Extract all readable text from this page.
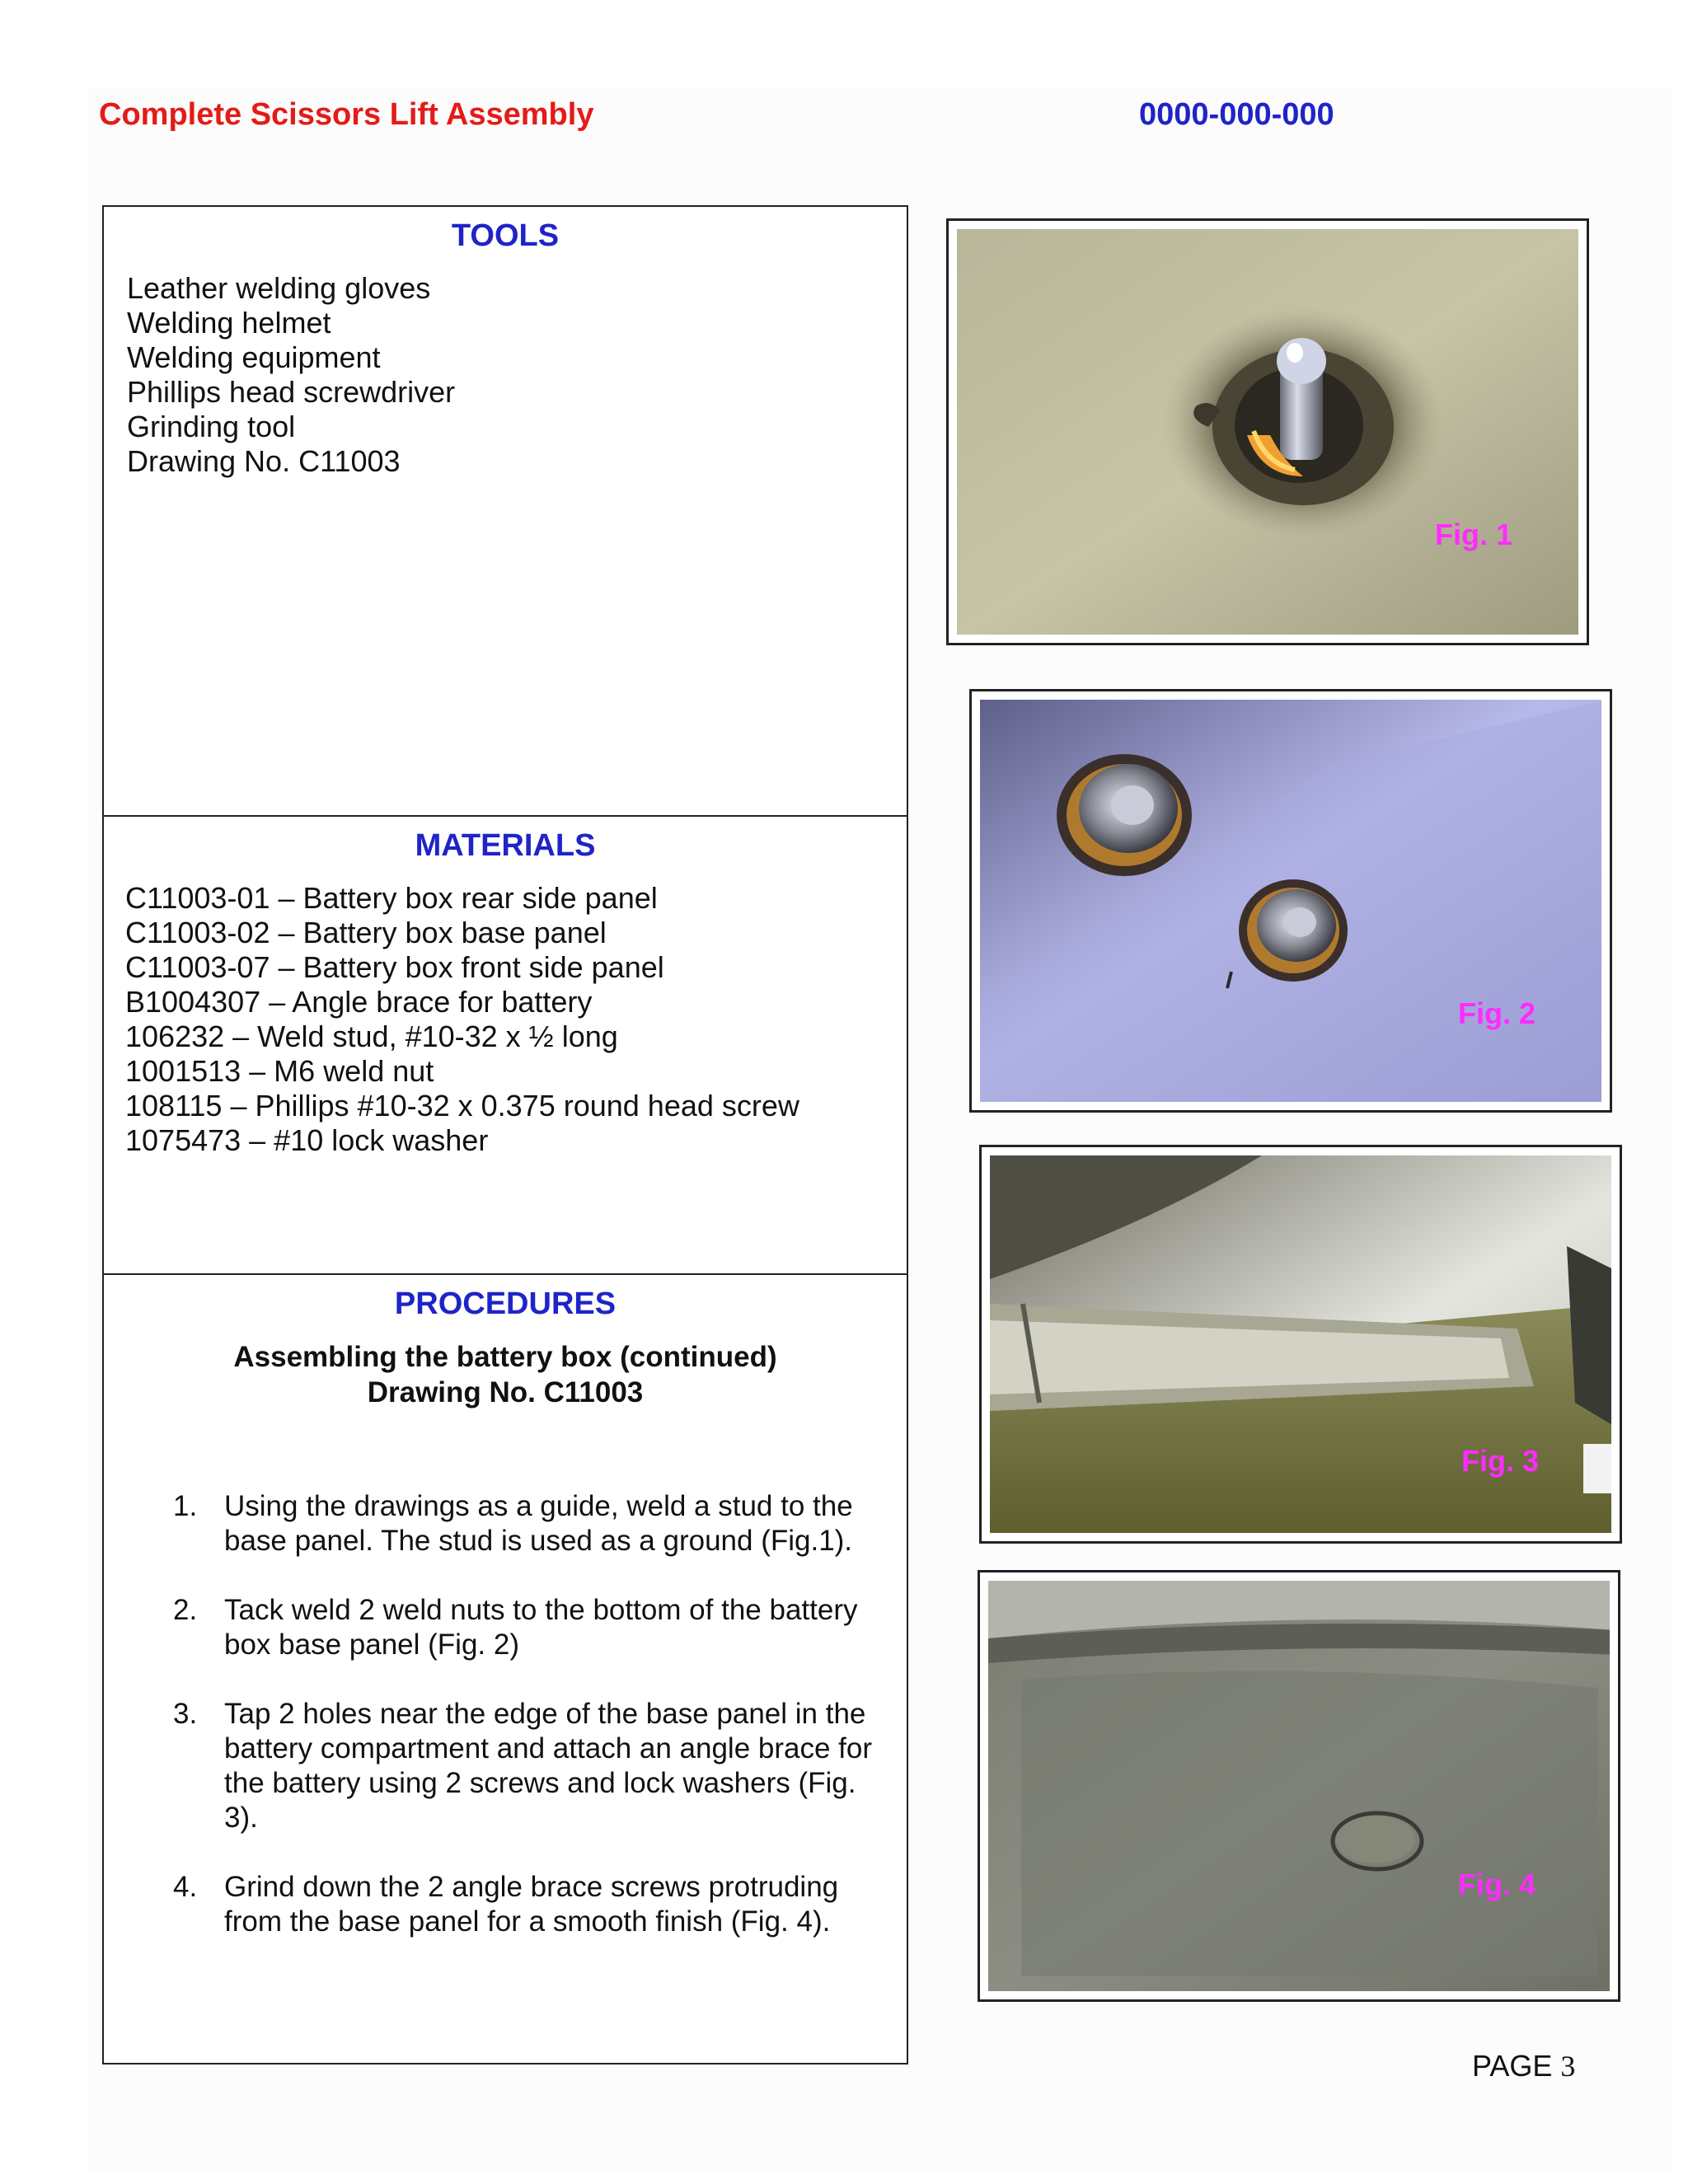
Complete Scissors Lift Assembly	0000-000-000
TOOLS
Leather welding gloves
Welding helmet
Welding equipment
Phillips head screwdriver
Grinding tool
Drawing No. C11003
MATERIALS
C11003-01 – Battery box rear side panel
C11003-02 – Battery box base panel
C11003-07 – Battery box front side panel
B1004307 – Angle brace for battery
106232 – Weld stud, #10-32 x ½ long
1001513 – M6 weld nut
108115 – Phillips #10-32 x 0.375 round head screw
1075473 – #10 lock washer
PROCEDURES
Assembling the battery box (continued)
Drawing No. C11003
1. Using the drawings as a guide, weld a stud to the base panel. The stud is used as a ground (Fig.1).
2. Tack weld 2 weld nuts to the bottom of the battery box base panel (Fig. 2)
3. Tap 2 holes near the edge of the base panel in the battery compartment and attach an angle brace for the battery using 2 screws and lock washers (Fig. 3).
4. Grind down the 2 angle brace screws protruding from the base panel for a smooth finish (Fig. 4).
Fig. 1
Fig. 2
Fig. 3
Fig. 4
PAGE 3
